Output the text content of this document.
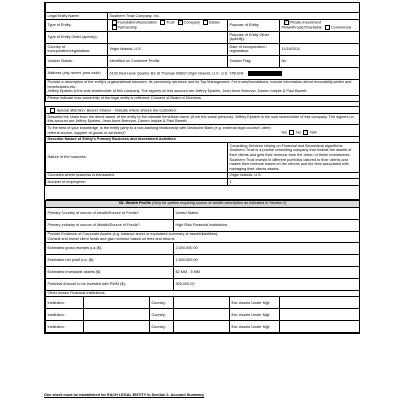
Legal Entity Name:	Southern Trust Company, Inc.		
Type of Entity:	Foundation/Association Trust ✓ Company Estate
Partnership	Purpose of Entity:	✓ Private Investment
Philanthropic/Charitable Commercial
Type of Entity Other (specify):		Purpose of Entity Other (specify):	
Country of incorporation/registration:	Virgin Islands, U.S.	Date of incorporation / registration:	11/18/2011
Voicker Status:	Identified on Customer Profile	Voicker Flag:	No
Address (city, street, post code)	6100 Red Hook Quarter B3 St Thomas 00802 Virgin Islands, U.S. U.S. T/RUSN		
Provide a description of the entity's organizational structure, its ownership structure and its Top Management. For trusts/foundations, include information about revocability,settlor and beneficiaries,etc.:
Jeffrey Epstein is the sole shareholder of this company. The signers on this account are Jeffrey Epstein, Jean Anne Brennan, Darren Indyke & Paul Barrett.			
Please indicate how ownership of the legal entity is reflected: Consent of Board of Directors			

Special attention: Bearer Shares - Indicate where shares are custodied:			
Describe the chain from the direct owner of the entity to the ultimate beneficial owner (if not the same persons): Jeffrey Epstein is the sole shareholder of this company. The signers on this account are Jeffrey Epstein, Jean Anne Brennan, Darren Indyke & Paul Barrett.			
To the best of your knowledge, is the entity party to a non-banking relationship with Deutsche Bank (e.g. external legal counsel, client referral source, supplier of goods or services)?			Yes No ✓ N/A
Describe Nature of Entity's Primary Business and Investment Activities			
Nature of the business:		Consulting Services relying on Financial and Biomedical algorithms. Southern Trust is a private consulting company that invests the assets of their clients and gets their revenue from the return of these investments. Southern Trust invests in different portfolios tailored to their clients and makes their revenue based on the returns and the fees associated with managing their clients assets.	
Countries where business is transacted:		Virgin Islands, U.S.	
Number of employees:		1	

3D. Wealth Profile (Only for parties requiring source of wealth description as indicated in Section 2)					
Primary Country of source of wealth/Source of Funds?			United States		
Primary industry of source of Wealth/Source of Funds?			High Risk Financial Institutions		
Provide Evidence of Corporate Assets (e.g. balance sheet or equivalent summary of assets/liabilities):
Consult and invest client funds and gain revenue based on fees and returns					
Estimated gross receipts p.a.($):			2,000,000.00		
Estimated net profit p.a. ($):			1,500,000.00		
Estimated investable assets ($):			$2 MM - 5 MM		
Potential Amount to be invested with PWM ($):			300,000.00		
Other known Financial Institutions:					
Institution:		Country:		Est. Assets Under Mgt:	
Institution:		Country:		Est. Assets Under Mgt:	
Institution:		Country:		Est. Assets Under Mgt:	
One sheet must be established for EACH LEGAL ENTITY in Section 2. Account Summary
